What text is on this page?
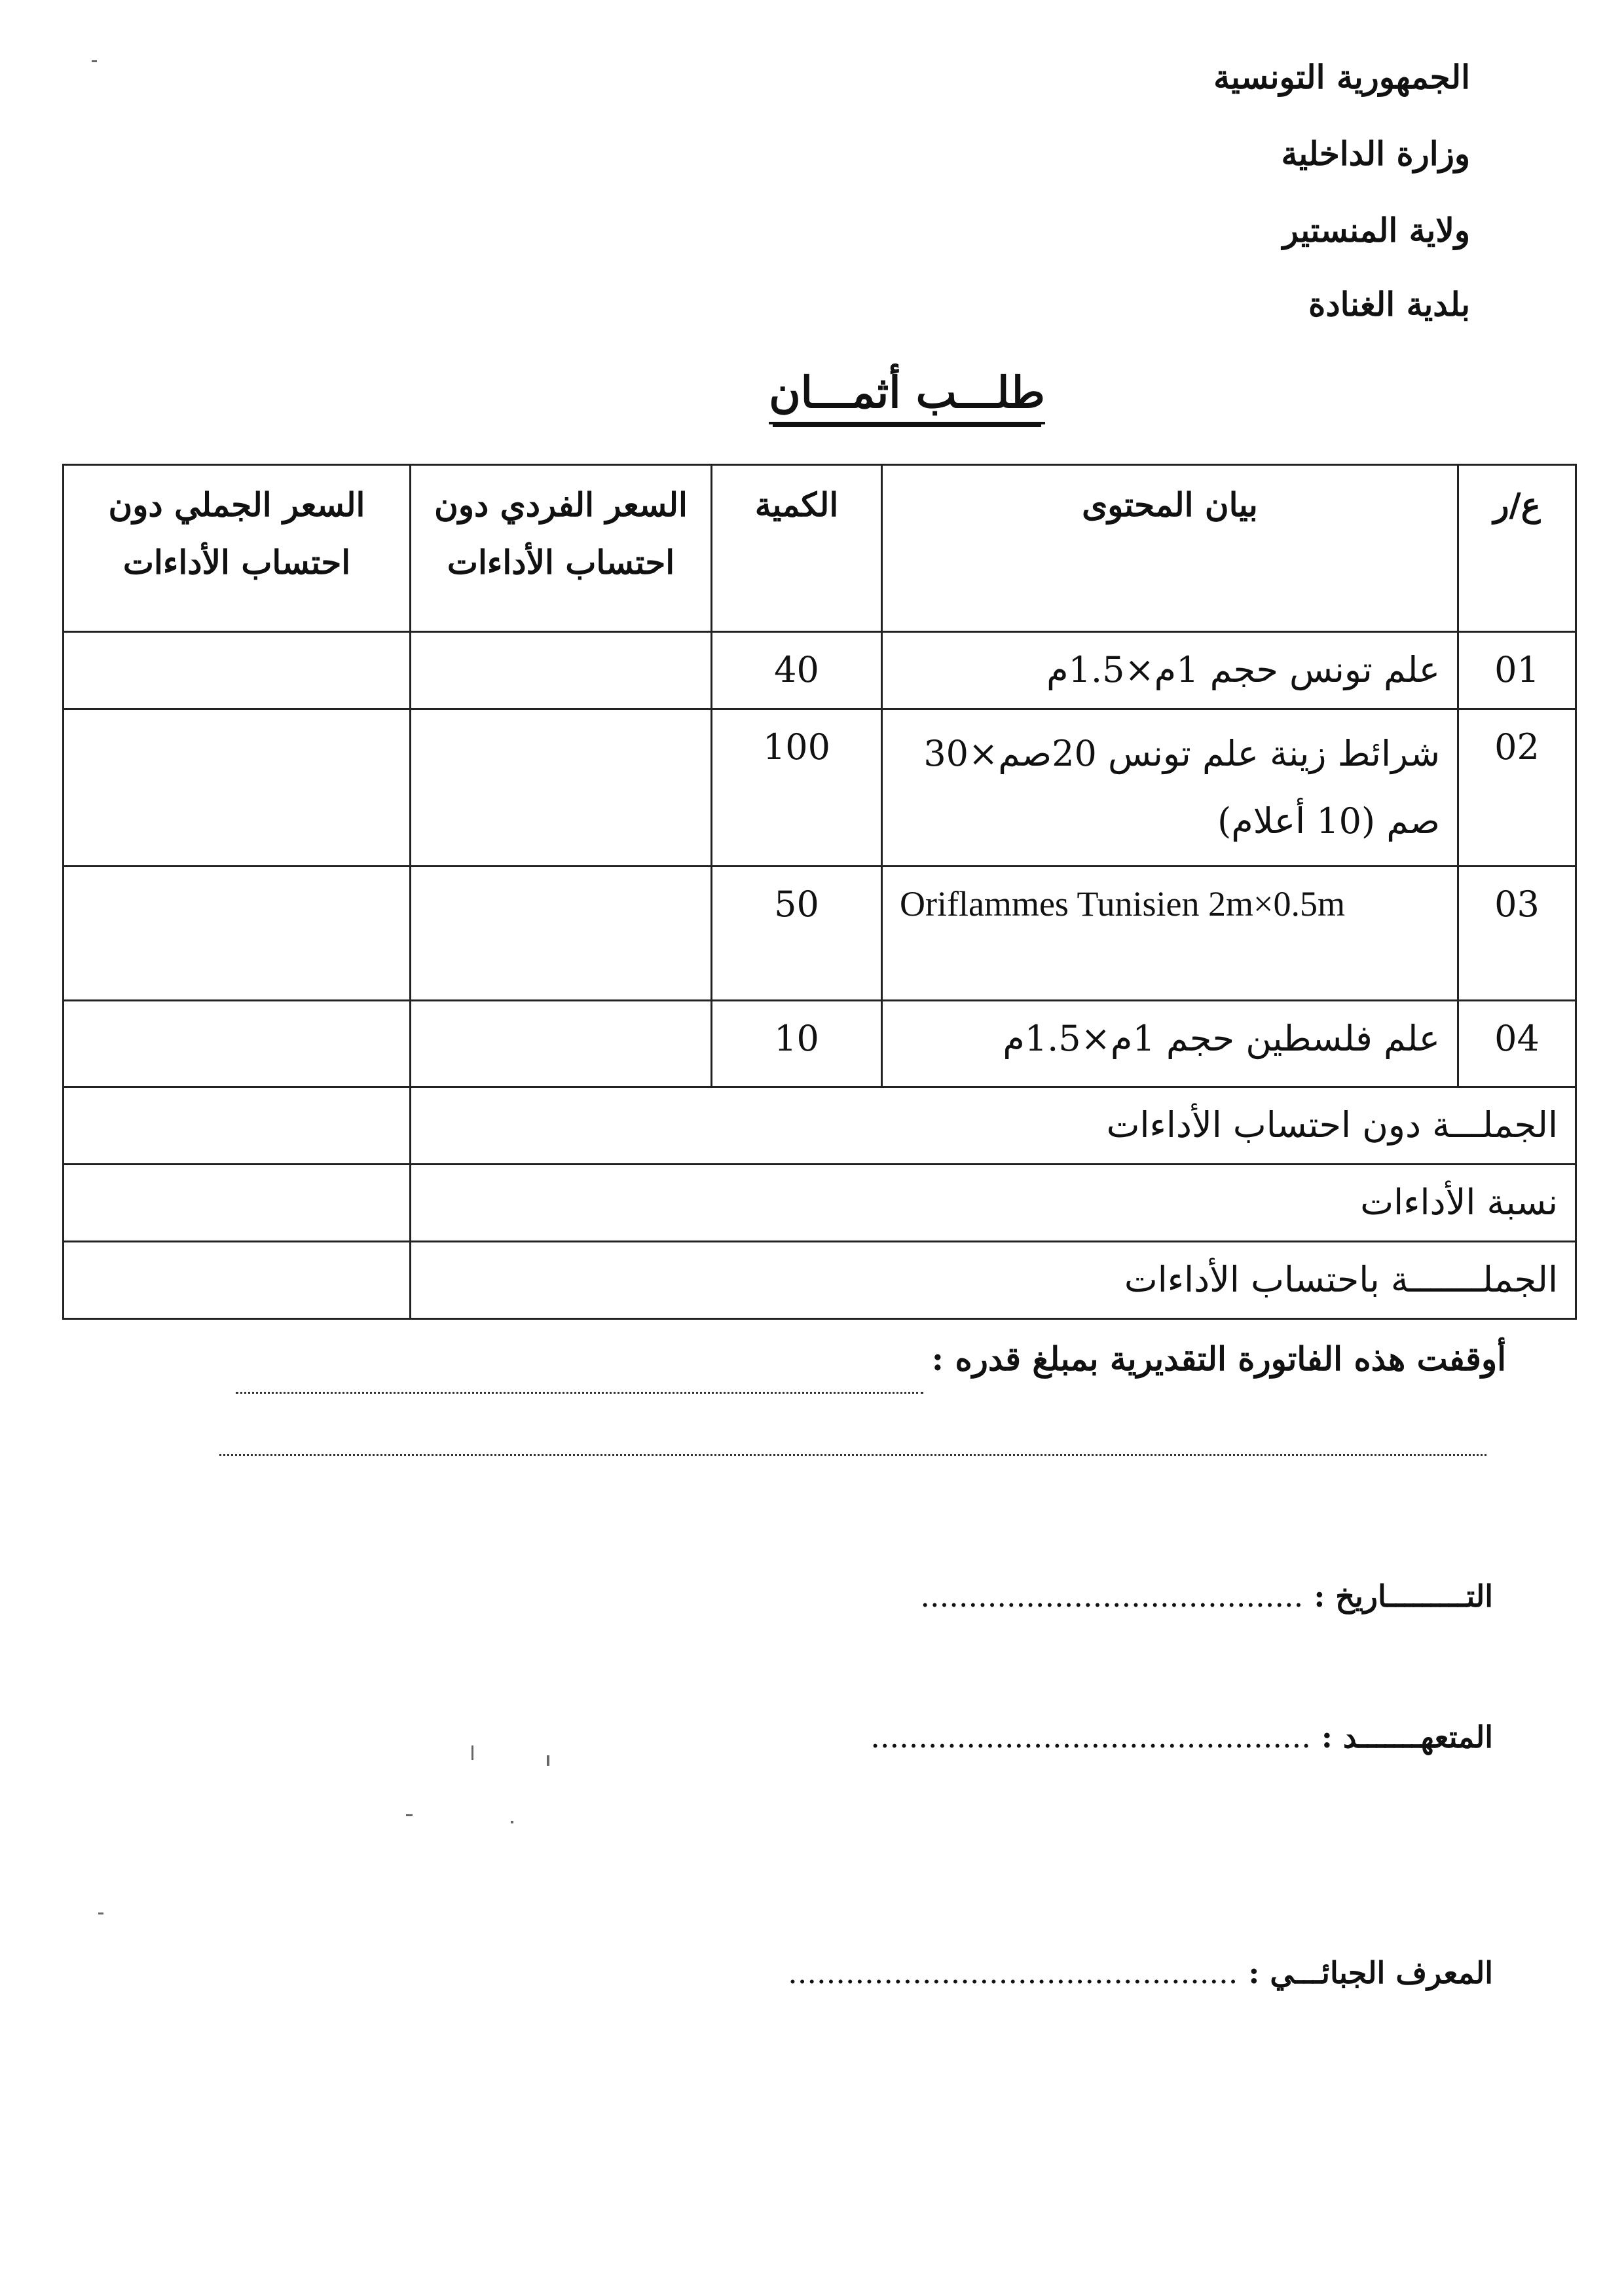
الجمهورية التونسية
وزارة الداخلية
ولاية المنستير
بلدية الغنادة
طلـــب أثمـــان
ع/ر	بيان المحتوى	الكمية	السعر الفردي دون احتساب الأداءات	السعر الجملي دون احتساب الأداءات
01	علم تونس حجم 1م×1.5م	40		
02	شرائط زينة علم تونس 20صم×30 صم (10 أعلام)	100		
03	Oriflammes Tunisien 2m×0.5m	50		
04	علم فلسطين حجم 1م×1.5م	10		
الجملـــة دون احتساب الأداءات				
نسبة الأداءات				
الجملـــــــة باحتساب الأداءات				
أوقفت هذه الفاتورة التقديرية بمبلغ قدره :
التـــــــــاريخ : ........................................
المتعهـــــــد : ..............................................
المعرف الجبائـــي : ...............................................
